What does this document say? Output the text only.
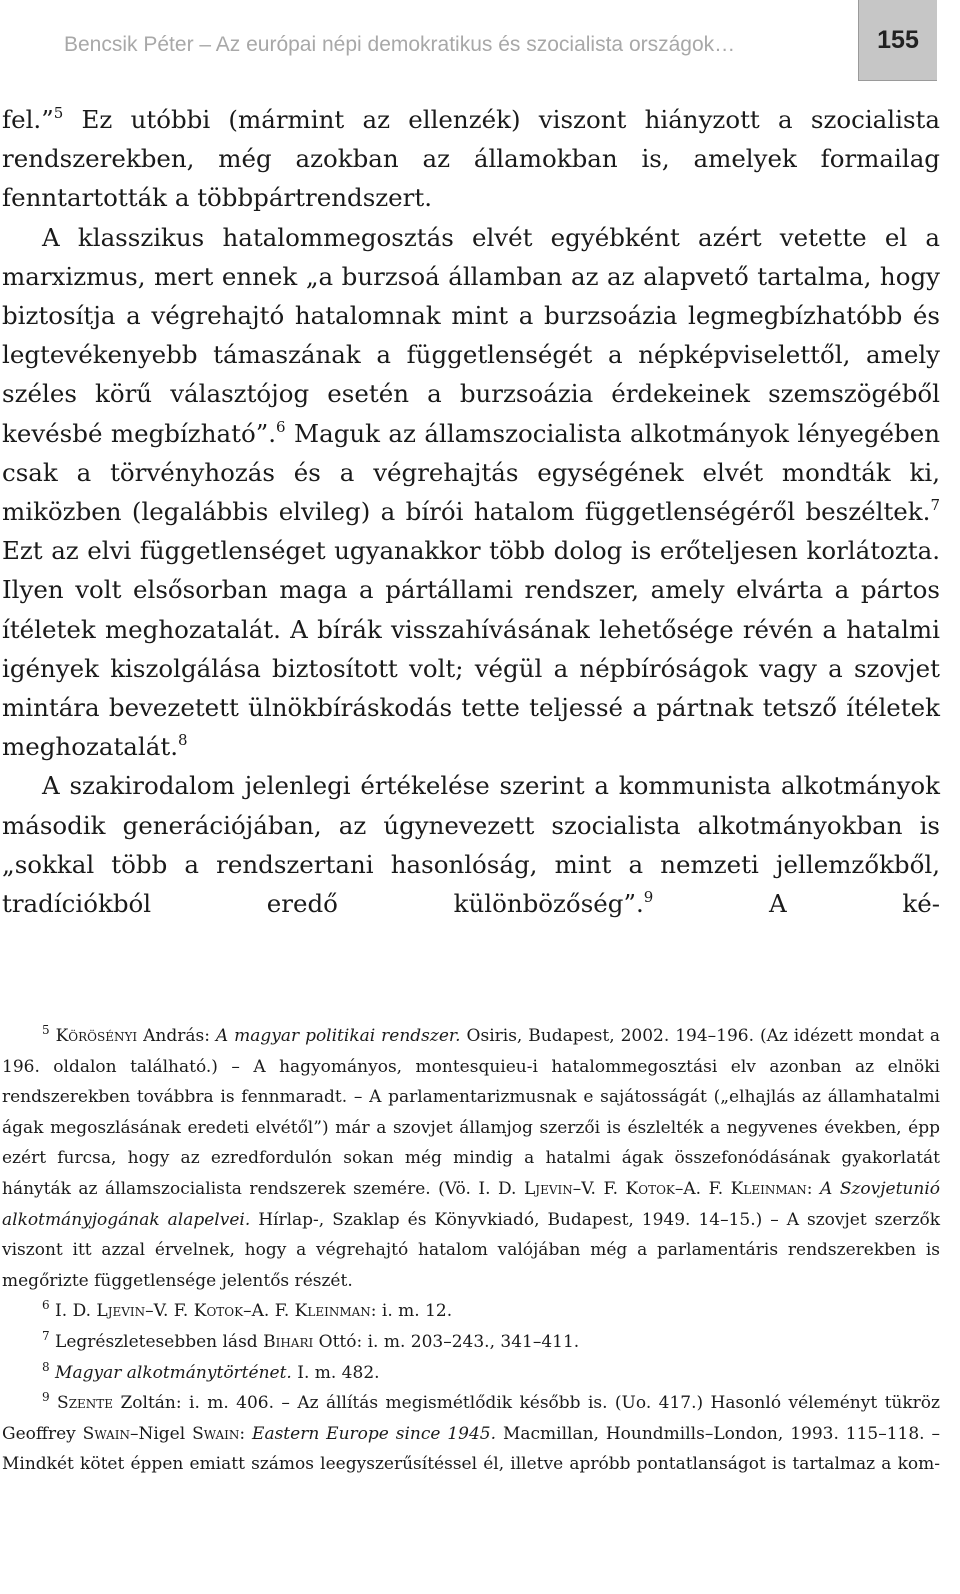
Bencsik Péter – Az európai népi demokratikus és szocialista országok…	155

fel.”$^5$ Ez utóbbi (mármint az ellenzék) viszont hiányzott a szocialista rendszerekben, még azokban az államokban is, amelyek formailag fenntartották a többpártrendszert.

A klasszikus hatalommegosztás elvét egyébként azért vetette el a marxizmus, mert ennek „a burzsoá államban az az alapvető tartalma, hogy biztosítja a végrehajtó hatalomnak mint a burzsoázia legmegbízhatóbb és legtevékenyebb támaszának a függetlenségét a népképviselettől, amely széles körű választójog esetén a burzsoázia érdekeinek szemszögéből kevésbé megbízható”.$^6$ Maguk az államszocialista alkotmányok lényegében csak a törvényhozás és a végrehajtás egységének elvét mondták ki, miközben (legalábbis elvileg) a bírói hatalom függetlenségéről beszéltek.$^7$ Ezt az elvi függetlenséget ugyanakkor több dolog is erőteljesen korlátozta. Ilyen volt elsősorban maga a pártállami rendszer, amely elvárta a pártos ítéletek meghozatalát. A bírák visszahívásának lehetősége révén a hatalmi igények kiszolgálása biztosított volt; végül a népbíróságok vagy a szovjet mintára bevezetett ülnökbíráskodás tette teljessé a pártnak tetsző ítéletek meghozatalát.$^8$

A szakirodalom jelenlegi értékelése szerint a kommunista alkotmányok második generációjában, az úgynevezett szocialista alkotmányokban is „sokkal több a rendszertani hasonlóság, mint a nemzeti jellemzőkből, tradíciókból eredő különbözőség”.$^9$ A ké-

$^5$ Körösényi András: A magyar politikai rendszer. Osiris, Budapest, 2002. 194–196. (Az idézett mondat a 196. oldalon található.) – A hagyományos, montesquieu-i hatalommegosztási elv azonban az elnöki rendszerekben továbbra is fennmaradt. – A parlamentarizmusnak e sajátosságát („elhajlás az államhatalmi ágak megoszlásának eredeti elvétől”) már a szovjet államjog szerzői is észlelték a negyvenes években, épp ezért furcsa, hogy az ezredfordulón sokan még mindig a hatalmi ágak összefonódásának gyakorlatát hányták az államszocialista rendszerek szemére. (Vö. I. D. Ljevin–V. F. Kotok–A. F. Kleinman: A Szovjetunió alkotmányjogának alapelvei. Hírlap-, Szaklap és Könyvkiadó, Budapest, 1949. 14–15.) – A szovjet szerzők viszont itt azzal érvelnek, hogy a végrehajtó hatalom valójában még a parlamentáris rendszerekben is megőrizte függetlensége jelentős részét.

$^6$ I. D. Ljevin–V. F. Kotok–A. F. Kleinman: i. m. 12.

$^7$ Legrészletesebben lásd Bihari Ottó: i. m. 203–243., 341–411.

$^8$ Magyar alkotmánytörténet. I. m. 482.

$^9$ Szente Zoltán: i. m. 406. – Az állítás megismétlődik később is. (Uo. 417.) Hasonló véleményt tükröz Geoffrey Swain–Nigel Swain: Eastern Europe since 1945. Macmillan, Houndmills–London, 1993. 115–118. – Mindkét kötet éppen emiatt számos leegyszerűsítéssel él, illetve apróbb pontatlanságot is tartalmaz a kom-
